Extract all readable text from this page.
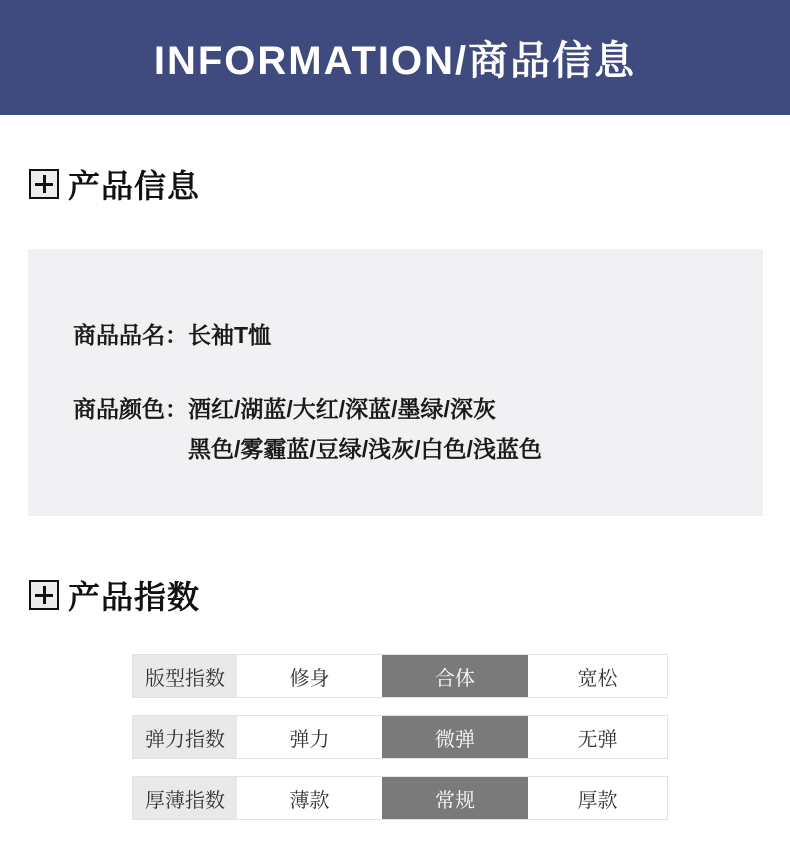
INFORMATION/商品信息
产品信息
商品品名： 长袖T恤
商品颜色： 酒红/湖蓝/大红/深蓝/墨绿/深灰
黑色/雾霾蓝/豆绿/浅灰/白色/浅蓝色
产品指数
版型指数	修身	合体	宽松
弹力指数	弹力	微弹	无弹
厚薄指数	薄款	常规	厚款
